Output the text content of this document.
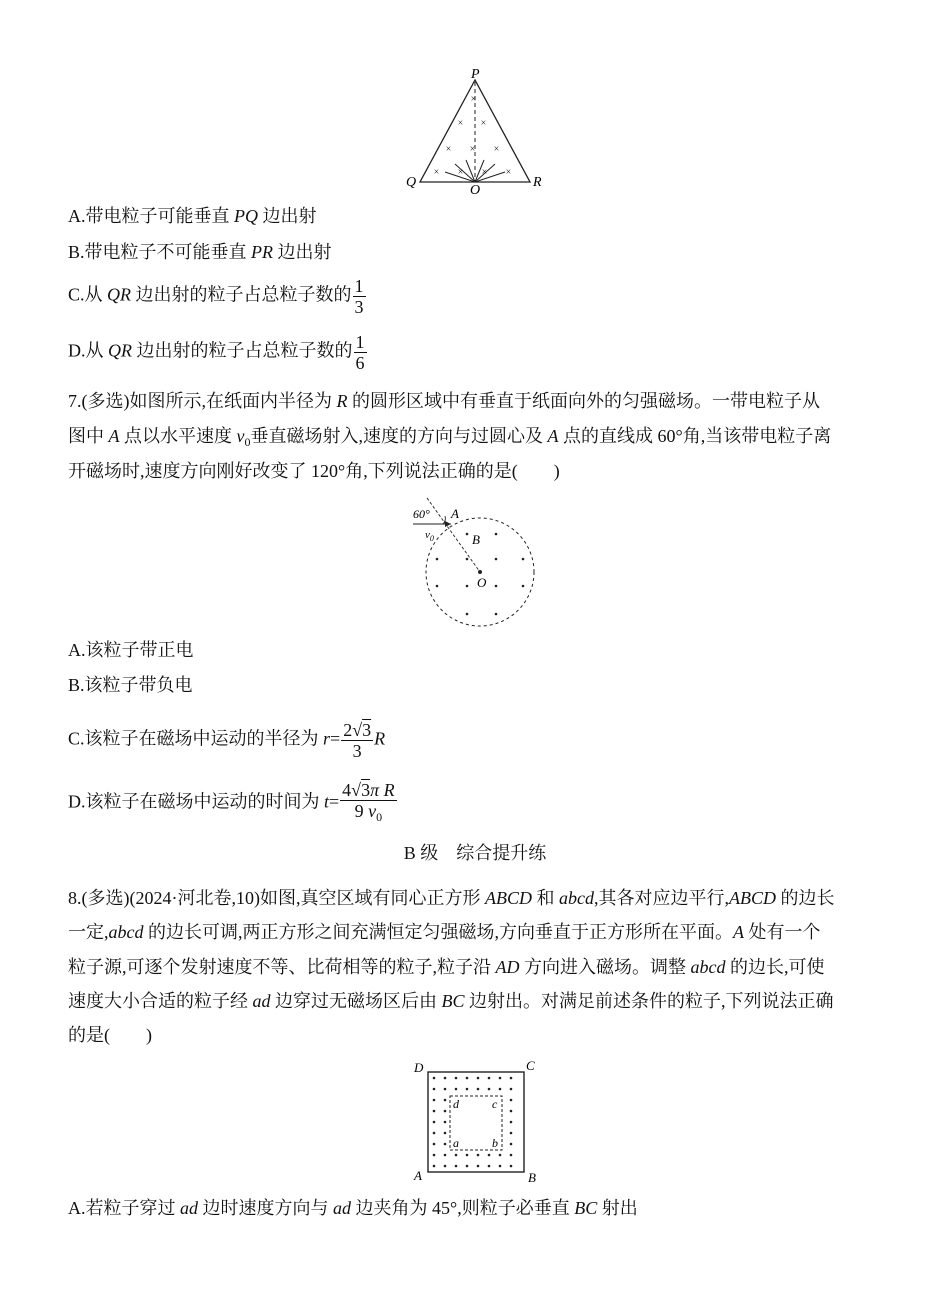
×
× ×
× × ×
× × × ×
P
Q
O
R
A.带电粒子可能垂直 PQ 边出射
B.带电粒子不可能垂直 PR 边出射
C.从 QR 边出射的粒子占总粒子数的 $\frac{1}{3}$
D.从 QR 边出射的粒子占总粒子数的 $\frac{1}{6}$
7.(多选)如图所示,在纸面内半径为 R 的圆形区域中有垂直于纸面向外的匀强磁场。一带电粒子从
图中 A 点以水平速度 $v_0$垂直磁场射入,速度的方向与过圆心及 A 点的直线成 60°角,当该带电粒子离
开磁场时,速度方向刚好改变了 120°角,下列说法正确的是(　　)
60° A
$v_0$	B
O
A.该粒子带正电
B.该粒子带负电
C.该粒子在磁场中运动的半径为 $r= \frac{2√3}{3}$ R
D.该粒子在磁场中运动的时间为 $t= \frac{\text{4√3π R}}{9 v_0}$
B 级　综合提升练
8.(多选)(2024·河北卷,10)如图,真空区域有同心正方形 ABCD 和 abcd,其各对应边平行,ABCD 的边长
一定,abcd 的边长可调,两正方形之间充满恒定匀强磁场,方向垂直于正方形所在平面。A 处有一个
粒子源,可逐个发射速度不等、比荷相等的粒子,粒子沿 AD 方向进入磁场。调整 abcd 的边长,可使
速度大小合适的粒子经 ad 边穿过无磁场区后由 BC 边射出。对满足前述条件的粒子,下列说法正确
的是(　　)
D	C
A	B
d	c
a	b
A.若粒子穿过 ad 边时速度方向与 ad 边夹角为 45°,则粒子必垂直 BC 射出
